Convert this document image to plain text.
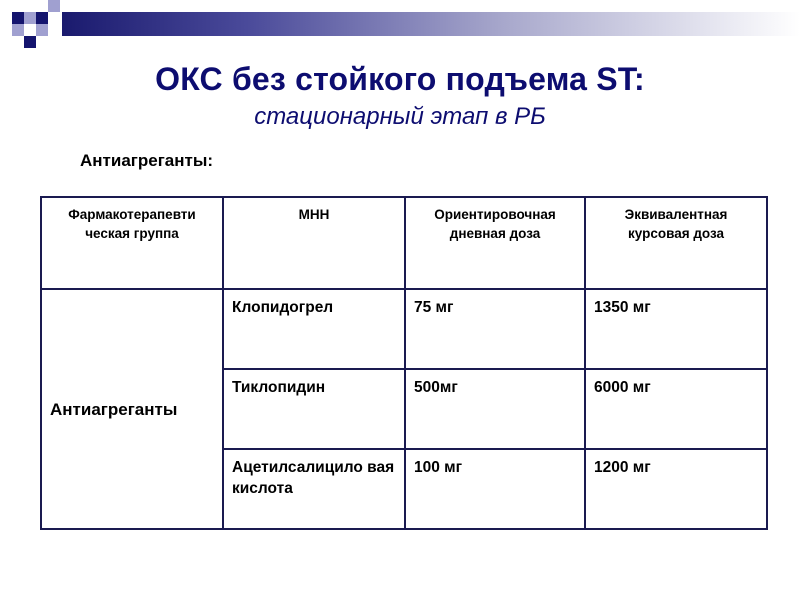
ОКС без стойкого подъема ST:
стационарный этап в РБ
Антиагреганты:
Фармакотерапевти ческая группа	МНН	Ориентировочная дневная доза	Эквивалентная курсовая доза

Антиагреганты	Клопидогрел	75 мг	1350 мг

	Тиклопидин	500мг	6000 мг

	Ацетилсалицило вая кислота	100 мг	1200 мг
